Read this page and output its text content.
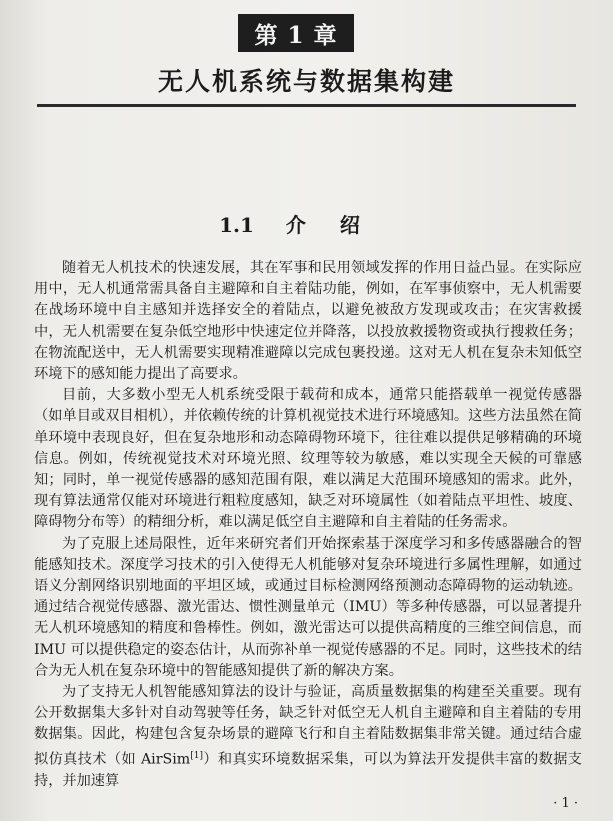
第 1 章
无人机系统与数据集构建
1.1 介绍

随着无人机技术的快速发展，其在军事和民用领域发挥的作用日益凸显。在实际应用中，无人机通常需具备自主避障和自主着陆功能，例如，在军事侦察中，无人机需要在战场环境中自主感知并选择安全的着陆点，以避免被敌方发现或攻击；在灾害救援中，无人机需要在复杂低空地形中快速定位并降落，以投放救援物资或执行搜救任务；在物流配送中，无人机需要实现精准避障以完成包裹投递。这对无人机在复杂未知低空环境下的感知能力提出了高要求。

目前，大多数小型无人机系统受限于载荷和成本，通常只能搭载单一视觉传感器（如单目或双目相机），并依赖传统的计算机视觉技术进行环境感知。这些方法虽然在简单环境中表现良好，但在复杂地形和动态障碍物环境下，往往难以提供足够精确的环境信息。例如，传统视觉技术对环境光照、纹理等较为敏感，难以实现全天候的可靠感知；同时，单一视觉传感器的感知范围有限，难以满足大范围环境感知的需求。此外，现有算法通常仅能对环境进行粗粒度感知，缺乏对环境属性（如着陆点平坦性、坡度、障碍物分布等）的精细分析，难以满足低空自主避障和自主着陆的任务需求。

为了克服上述局限性，近年来研究者们开始探索基于深度学习和多传感器融合的智能感知技术。深度学习技术的引入使得无人机能够对复杂环境进行多属性理解，如通过语义分割网络识别地面的平坦区域，或通过目标检测网络预测动态障碍物的运动轨迹。通过结合视觉传感器、激光雷达、惯性测量单元（IMU）等多种传感器，可以显著提升无人机环境感知的精度和鲁棒性。例如，激光雷达可以提供高精度的三维空间信息，而 IMU 可以提供稳定的姿态估计，从而弥补单一视觉传感器的不足。同时，这些技术的结合为无人机在复杂环境中的智能感知提供了新的解决方案。

为了支持无人机智能感知算法的设计与验证，高质量数据集的构建至关重要。现有公开数据集大多针对自动驾驶等任务，缺乏针对低空无人机自主避障和自主着陆的专用数据集。因此，构建包含复杂场景的避障飞行和自主着陆数据集非常关键。通过结合虚拟仿真技术（如 AirSim[1]）和真实环境数据采集，可以为算法开发提供丰富的数据支持，并加速算

· 1 ·
